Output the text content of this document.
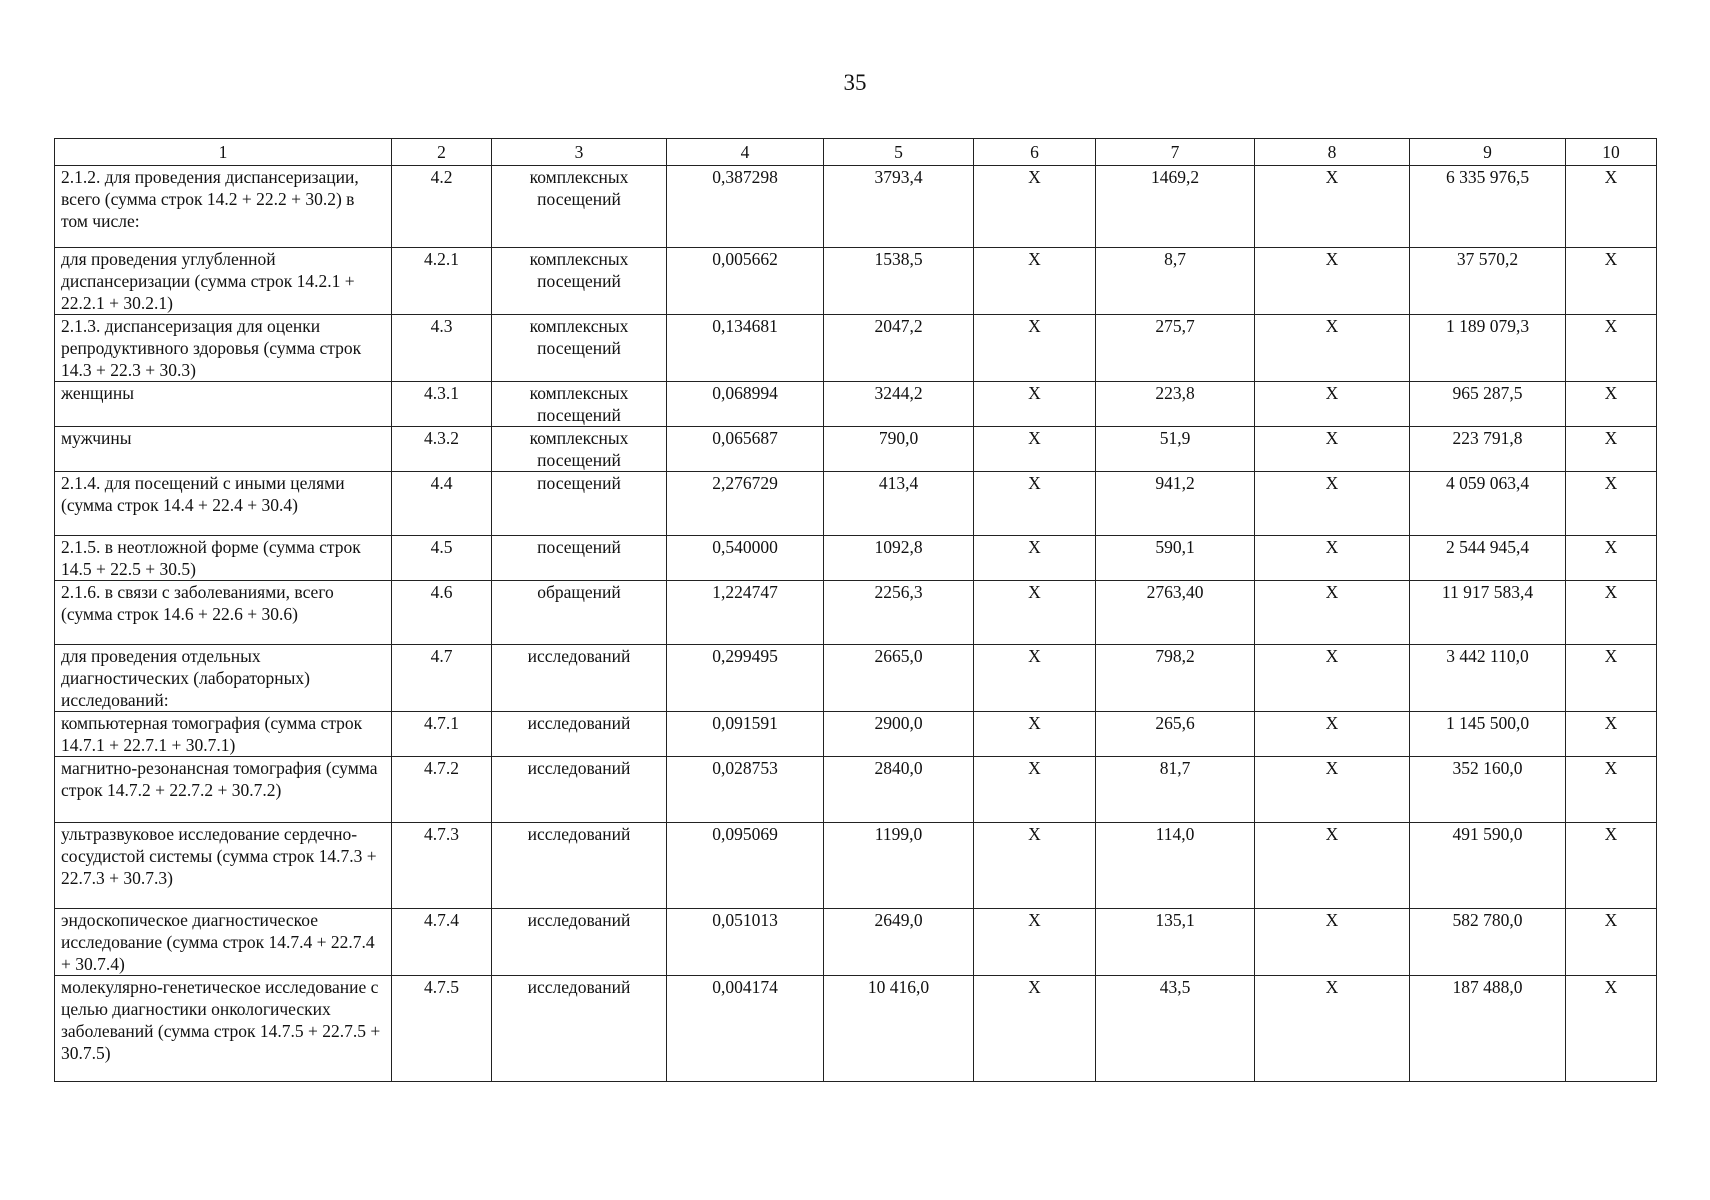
35
1	2	3	4	5	6	7	8	9	10
2.1.2. для проведения диспансеризации, всего (сумма строк 14.2 + 22.2 + 30.2) в том числе:	4.2	комплексных посещений	0,387298	3793,4	Х	1469,2	Х	6 335 976,5	Х
для проведения углубленной диспансеризации (сумма строк 14.2.1 + 22.2.1 + 30.2.1)	4.2.1	комплексных посещений	0,005662	1538,5	Х	8,7	Х	37 570,2	Х
2.1.3. диспансеризация для оценки репродуктивного здоровья (сумма строк 14.3 + 22.3 + 30.3)	4.3	комплексных посещений	0,134681	2047,2	Х	275,7	Х	1 189 079,3	Х
женщины	4.3.1	комплексных посещений	0,068994	3244,2	Х	223,8	Х	965 287,5	Х
мужчины	4.3.2	комплексных посещений	0,065687	790,0	Х	51,9	Х	223 791,8	Х
2.1.4. для посещений с иными целями (сумма строк 14.4 + 22.4 + 30.4)	4.4	посещений	2,276729	413,4	Х	941,2	Х	4 059 063,4	Х
2.1.5. в неотложной форме (сумма строк 14.5 + 22.5 + 30.5)	4.5	посещений	0,540000	1092,8	Х	590,1	Х	2 544 945,4	Х
2.1.6. в связи с заболеваниями, всего (сумма строк 14.6 + 22.6 + 30.6)	4.6	обращений	1,224747	2256,3	Х	2763,40	Х	11 917 583,4	Х
для проведения отдельных диагностических (лабораторных) исследований:	4.7	исследований	0,299495	2665,0	Х	798,2	Х	3 442 110,0	Х
компьютерная томография (сумма строк 14.7.1 + 22.7.1 + 30.7.1)	4.7.1	исследований	0,091591	2900,0	Х	265,6	Х	1 145 500,0	Х
магнитно-резонансная томография (сумма строк 14.7.2 + 22.7.2 + 30.7.2)	4.7.2	исследований	0,028753	2840,0	Х	81,7	Х	352 160,0	Х
ультразвуковое исследование сердечно-сосудистой системы (сумма строк 14.7.3 + 22.7.3 + 30.7.3)	4.7.3	исследований	0,095069	1199,0	Х	114,0	Х	491 590,0	Х
эндоскопическое диагностическое исследование (сумма строк 14.7.4 + 22.7.4 + 30.7.4)	4.7.4	исследований	0,051013	2649,0	Х	135,1	Х	582 780,0	Х
молекулярно-генетическое исследование с целью диагностики онкологических заболеваний (сумма строк 14.7.5 + 22.7.5 + 30.7.5)	4.7.5	исследований	0,004174	10 416,0	Х	43,5	Х	187 488,0	Х
